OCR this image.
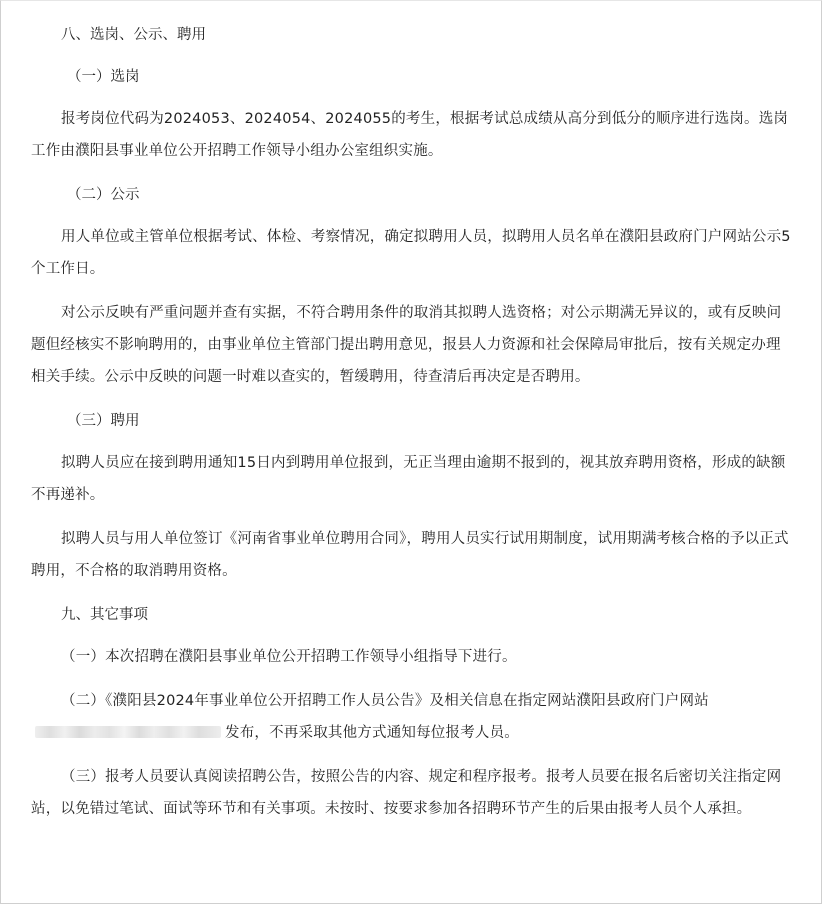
八、选岗、公示、聘用

（一）选岗

报考岗位代码为2024053、2024054、2024055的考生，根据考试总成绩从高分到低分的顺序进行选岗。选岗工作由濮阳县事业单位公开招聘工作领导小组办公室组织实施。

（二）公示

用人单位或主管单位根据考试、体检、考察情况，确定拟聘用人员，拟聘用人员名单在濮阳县政府门户网站公示5个工作日。

对公示反映有严重问题并查有实据，不符合聘用条件的取消其拟聘人选资格；对公示期满无异议的，或有反映问题但经核实不影响聘用的，由事业单位主管部门提出聘用意见，报县人力资源和社会保障局审批后，按有关规定办理相关手续。公示中反映的问题一时难以查实的，暂缓聘用，待查清后再决定是否聘用。

（三）聘用

拟聘人员应在接到聘用通知15日内到聘用单位报到，无正当理由逾期不报到的，视其放弃聘用资格，形成的缺额不再递补。

拟聘人员与用人单位签订《河南省事业单位聘用合同》，聘用人员实行试用期制度，试用期满考核合格的予以正式聘用，不合格的取消聘用资格。

九、其它事项

（一）本次招聘在濮阳县事业单位公开招聘工作领导小组指导下进行。

（二）《濮阳县2024年事业单位公开招聘工作人员公告》及相关信息在指定网站濮阳县政府门户网站
发布，不再采取其他方式通知每位报考人员。

（三）报考人员要认真阅读招聘公告，按照公告的内容、规定和程序报考。报考人员要在报名后密切关注指定网站，以免错过笔试、面试等环节和有关事项。未按时、按要求参加各招聘环节产生的后果由报考人员个人承担。
